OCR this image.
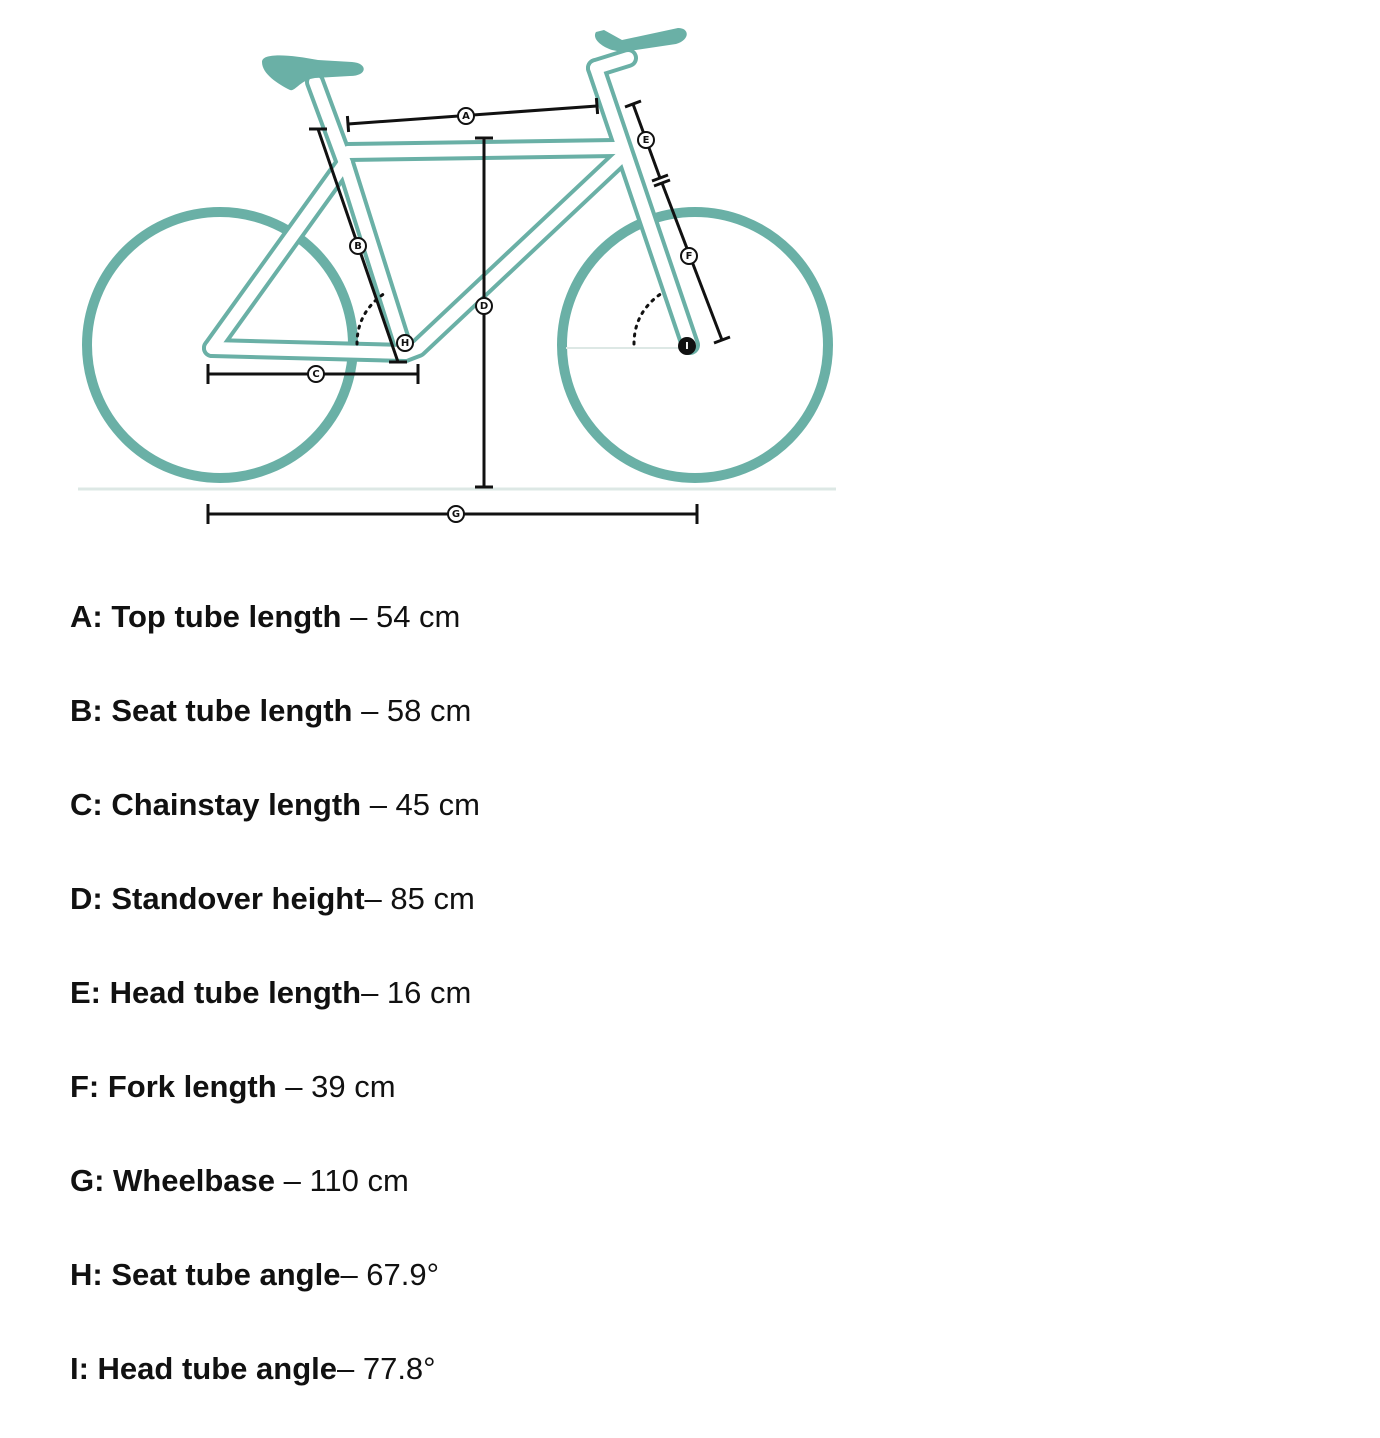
A
B
C
D
E
F
G
H	I
A: Top tube length – 54 cm
B: Seat tube length – 58 cm
C: Chainstay length – 45 cm
D: Standover height– 85 cm
E: Head tube length– 16 cm
F: Fork length – 39 cm
G: Wheelbase – 110 cm
H: Seat tube angle– 67.9°
I: Head tube angle– 77.8°
